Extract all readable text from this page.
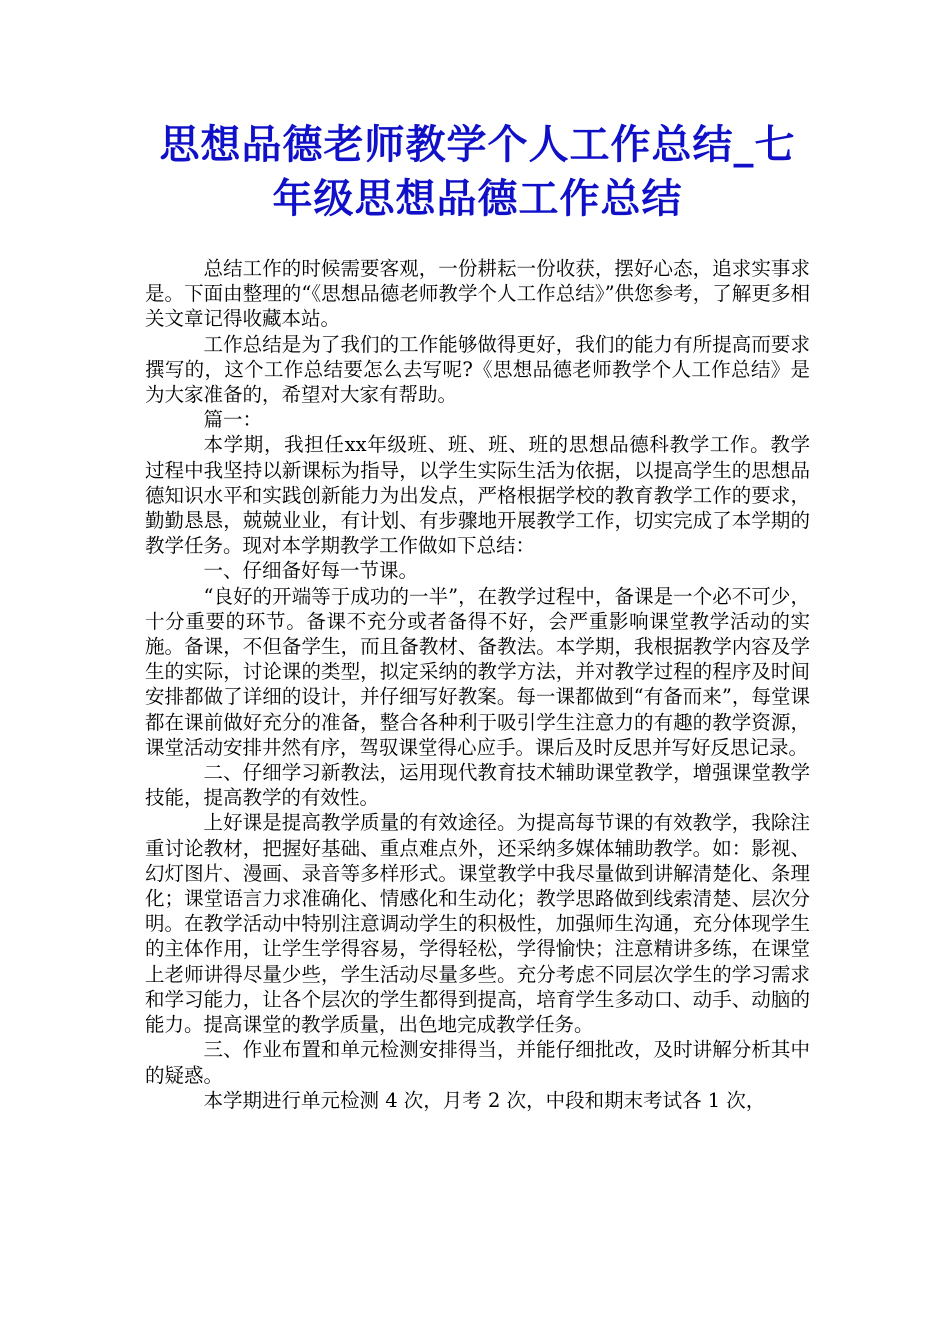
思想品德老师教学个人工作总结_七年级思想品德工作总结

总结工作的时候需要客观，一份耕耘一份收获，摆好心态，追求实事求是。下面由整理的“《思想品德老师教学个人工作总结》”供您参考，了解更多相关文章记得收藏本站。

工作总结是为了我们的工作能够做得更好，我们的能力有所提高而要求撰写的，这个工作总结要怎么去写呢?《思想品德老师教学个人工作总结》是为大家准备的，希望对大家有帮助。

篇一：

本学期，我担任xx年级班、班、班、班的思想品德科教学工作。教学过程中我坚持以新课标为指导，以学生实际生活为依据，以提高学生的思想品德知识水平和实践创新能力为出发点，严格根据学校的教育教学工作的要求，勤勤恳恳，兢兢业业，有计划、有步骤地开展教学工作，切实完成了本学期的教学任务。现对本学期教学工作做如下总结：

一、仔细备好每一节课。

“良好的开端等于成功的一半”，在教学过程中，备课是一个必不可少，十分重要的环节。备课不充分或者备得不好，会严重影响课堂教学活动的实施。备课，不但备学生，而且备教材、备教法。本学期，我根据教学内容及学生的实际，讨论课的类型，拟定采纳的教学方法，并对教学过程的程序及时间安排都做了详细的设计，并仔细写好教案。每一课都做到“有备而来”，每堂课都在课前做好充分的准备，整合各种利于吸引学生注意力的有趣的教学资源，课堂活动安排井然有序，驾驭课堂得心应手。课后及时反思并写好反思记录。

二、仔细学习新教法，运用现代教育技术辅助课堂教学，增强课堂教学技能，提高教学的有效性。

上好课是提高教学质量的有效途径。为提高每节课的有效教学，我除注重讨论教材，把握好基础、重点难点外，还采纳多媒体辅助教学。如：影视、幻灯图片、漫画、录音等多样形式。课堂教学中我尽量做到讲解清楚化、条理化；课堂语言力求准确化、情感化和生动化；教学思路做到线索清楚、层次分明。在教学活动中特别注意调动学生的积极性，加强师生沟通，充分体现学生的主体作用，让学生学得容易，学得轻松，学得愉快；注意精讲多练，在课堂上老师讲得尽量少些，学生活动尽量多些。充分考虑不同层次学生的学习需求和学习能力，让各个层次的学生都得到提高，培育学生多动口、动手、动脑的能力。提高课堂的教学质量，出色地完成教学任务。

三、作业布置和单元检测安排得当，并能仔细批改，及时讲解分析其中的疑惑。

本学期进行单元检测 4 次，月考 2 次，中段和期末考试各 1 次，
